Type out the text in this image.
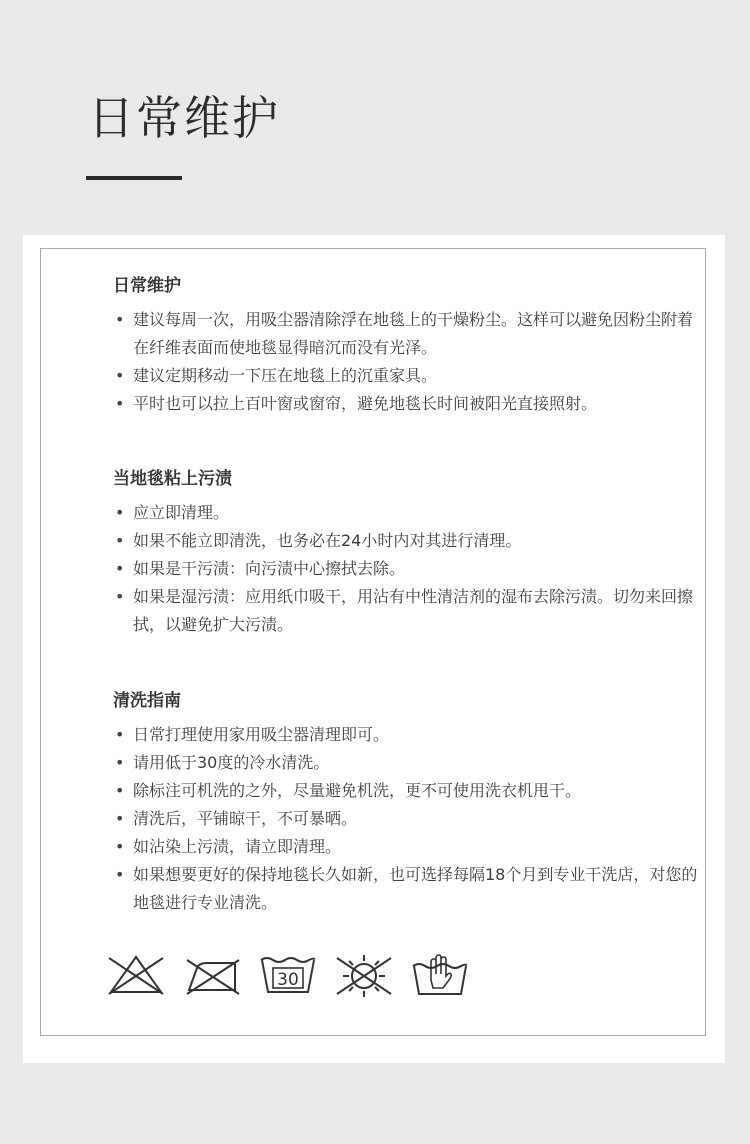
日常维护
日常维护
• 建议每周一次，用吸尘器清除浮在地毯上的干燥粉尘。这样可以避免因粉尘附着在纤维表面而使地毯显得暗沉而没有光泽。
• 建议定期移动一下压在地毯上的沉重家具。
• 平时也可以拉上百叶窗或窗帘，避免地毯长时间被阳光直接照射。
当地毯粘上污渍
• 应立即清理。
• 如果不能立即清洗，也务必在24小时内对其进行清理。
• 如果是干污渍：向污渍中心擦拭去除。
• 如果是湿污渍：应用纸巾吸干，用沾有中性清洁剂的湿布去除污渍。切勿来回擦拭，以避免扩大污渍。
清洗指南
• 日常打理使用家用吸尘器清理即可。
• 请用低于30度的冷水清洗。
• 除标注可机洗的之外，尽量避免机洗，更不可使用洗衣机甩干。
• 清洗后，平铺晾干，不可暴晒。
• 如沾染上污渍，请立即清理。
• 如果想要更好的保持地毯长久如新，也可选择每隔18个月到专业干洗店，对您的地毯进行专业清洗。
30
